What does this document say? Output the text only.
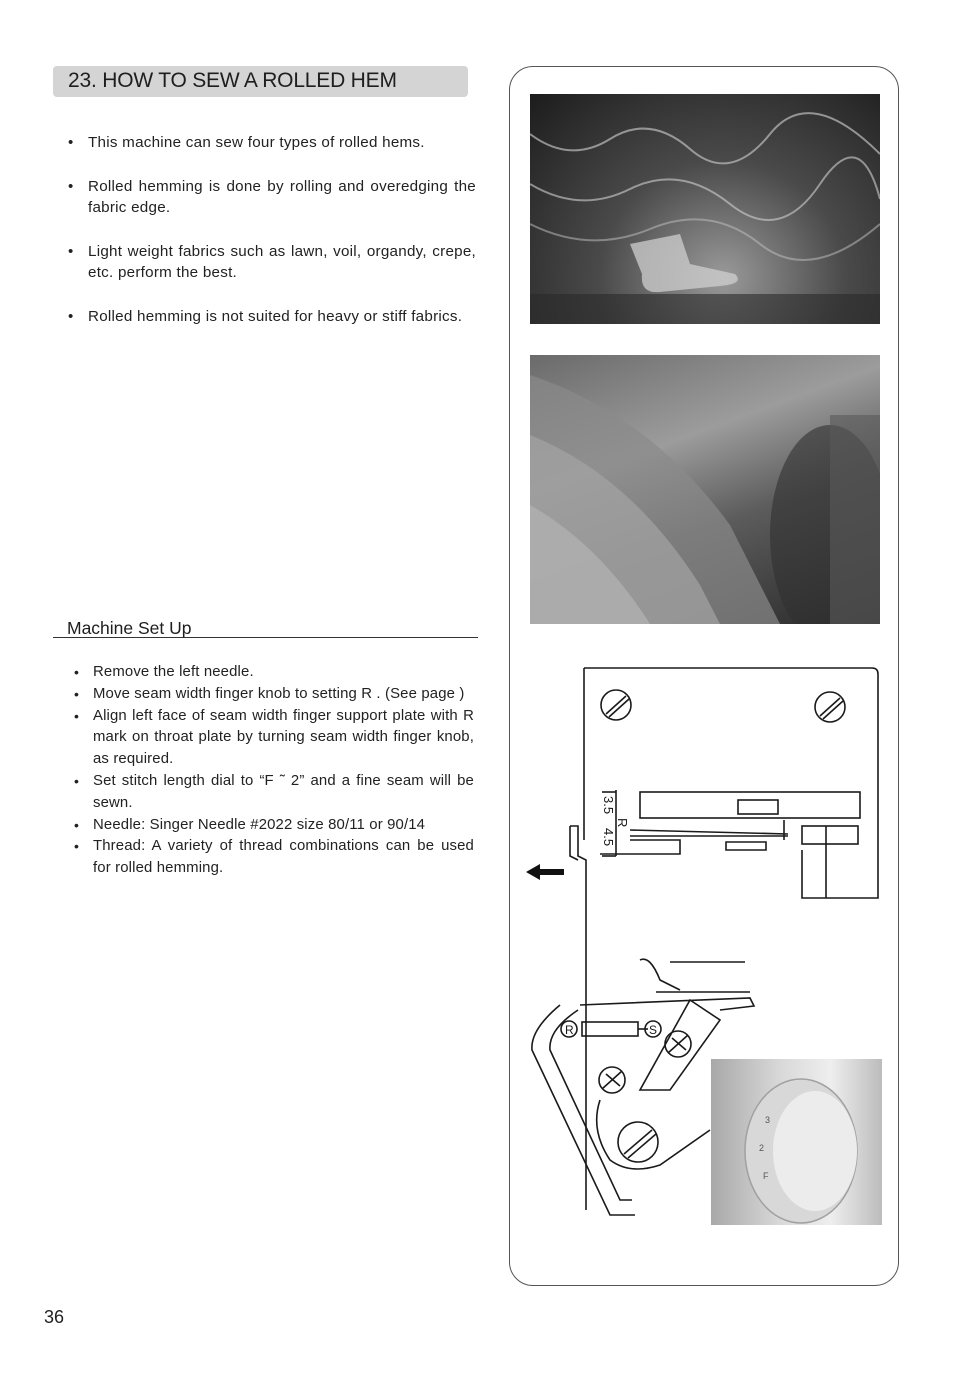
23. HOW TO SEW A ROLLED HEM
• This machine can sew four types of rolled hems.
• Rolled hemming is done by rolling and overedging the fabric edge.
• Light weight fabrics such as lawn, voil, organdy, crepe, etc. perform the best.
• Rolled hemming is not suited for heavy or stiff fabrics.
Machine Set Up
• Remove the left needle.
• Move seam width finger knob to setting R . (See page )
• Align left face of seam width finger support plate with R mark on throat plate by turning seam width finger knob, as required.
• Set stitch length dial to “F ˜ 2” and a fine seam will be sewn.
• Needle: Singer Needle #2022 size 80/11 or 90/14
• Thread: A variety of thread combinations can be used for rolled hemming.
36
3.5
R
4.5
R	S
3
2
F
